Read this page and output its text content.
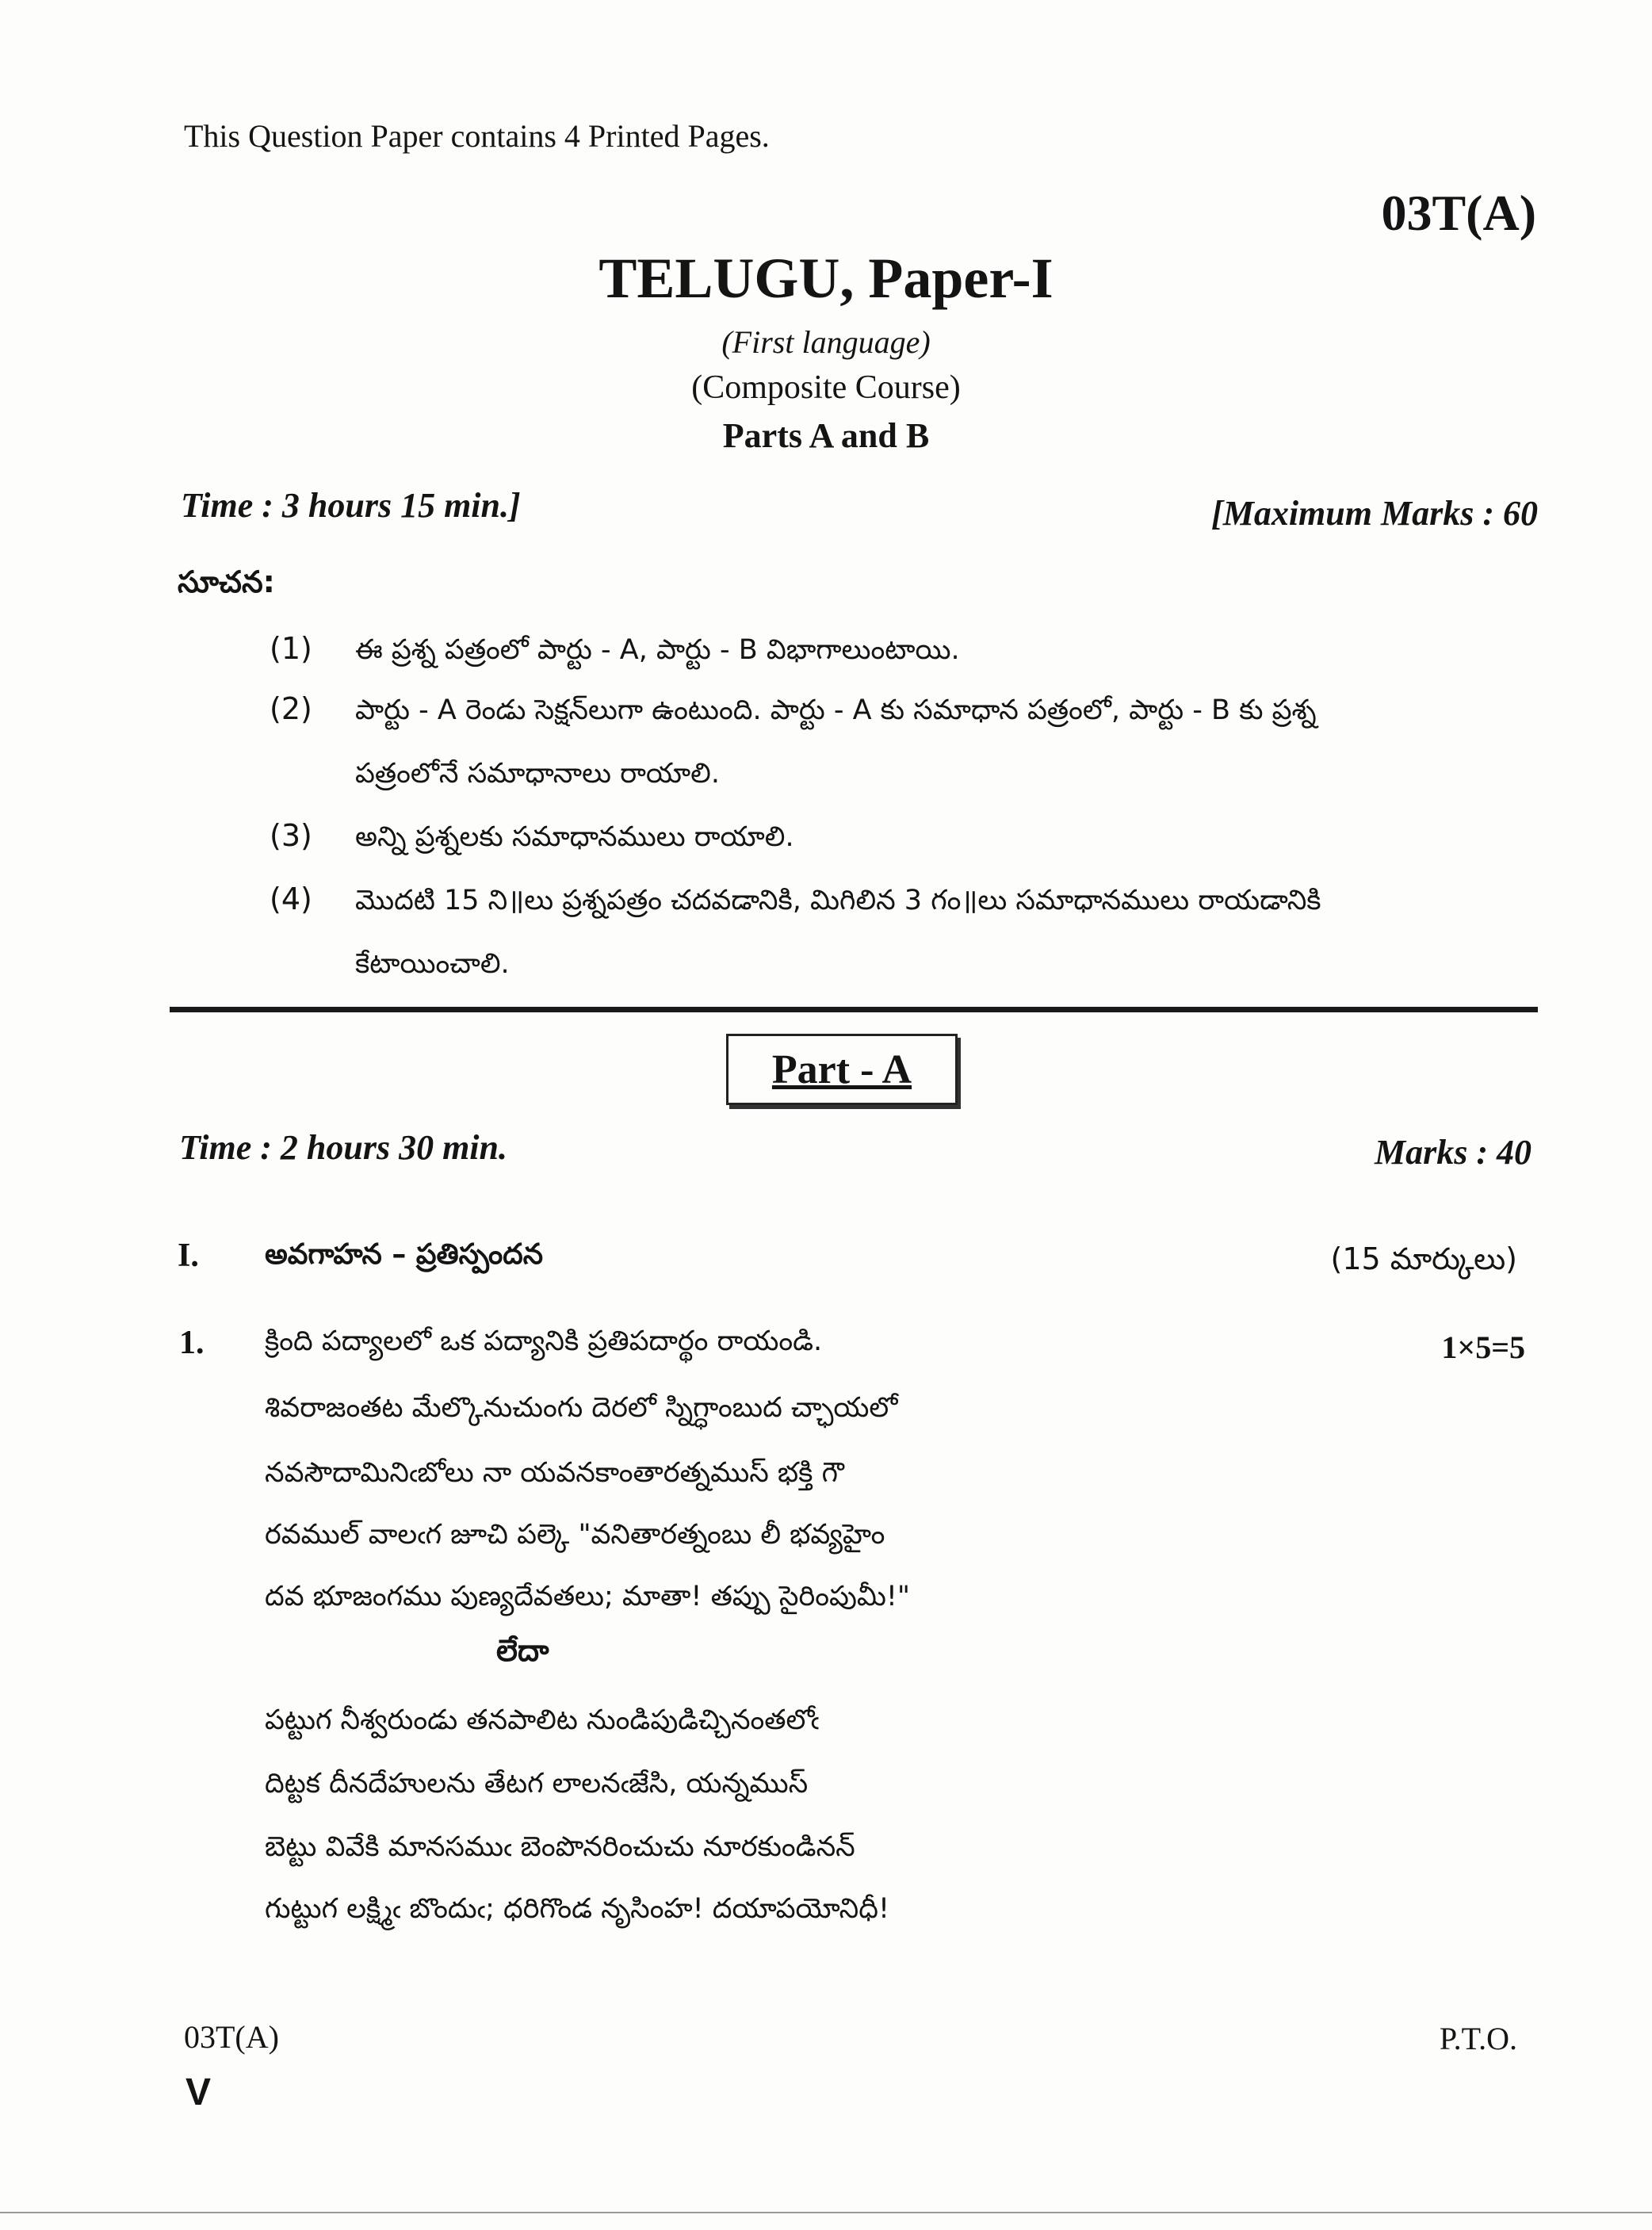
This Question Paper contains 4 Printed Pages.
03T(A)
TELUGU, Paper-I
(First language)
(Composite Course)
Parts A and B
Time : 3 hours 15 min.]	[Maximum Marks : 60
సూచన:
(1) ఈ ప్రశ్న పత్రంలో పార్టు - A, పార్టు - B విభాగాలుంటాయి.
(2) పార్టు - A రెండు సెక్షన్‌లుగా ఉంటుంది. పార్టు - A కు సమాధాన పత్రంలో, పార్టు - B కు ప్రశ్న
పత్రంలోనే సమాధానాలు రాయాలి.
(3) అన్ని ప్రశ్నలకు సమాధానములు రాయాలి.
(4) మొదటి 15 ని॥లు ప్రశ్నపత్రం చదవడానికి, మిగిలిన 3 గం॥లు సమాధానములు రాయడానికి
కేటాయించాలి.
Part - A
Time : 2 hours 30 min.	Marks : 40
I. అవగాహన – ప్రతిస్పందన	(15 మార్కులు)
1. క్రింది పద్యాలలో ఒక పద్యానికి ప్రతిపదార్థం రాయండి.	1×5=5
శివరాజంతట మేల్కొనుచుంగు దెరలో స్నిగ్ధాంబుద చ్ఛాయలో
నవసౌదామినిఁబోలు నా యవనకాంతారత్నముస్ భక్తి గౌ
రవముల్ వాలఁగ జూచి పల్కె "వనితారత్నంబు లీ భవ్యహైం
దవ భూజంగము పుణ్యదేవతలు; మాతా! తప్పు సైరింపుమీ!"
లేదా
పట్టుగ నీశ్వరుండు తనపాలిట నుండిపుడిచ్చినంతలోఁ
దిట్టక దీనదేహులను తేటగ లాలనఁజేసి, యన్నముస్
బెట్టు వివేకి మానసముఁ బెంపొనరించుచు నూరకుండినన్
గుట్టుగ లక్ష్మిఁ బొందుఁ; ధరిగొండ నృసింహ! దయాపయోనిధీ!
03T(A)	P.T.O.
V
